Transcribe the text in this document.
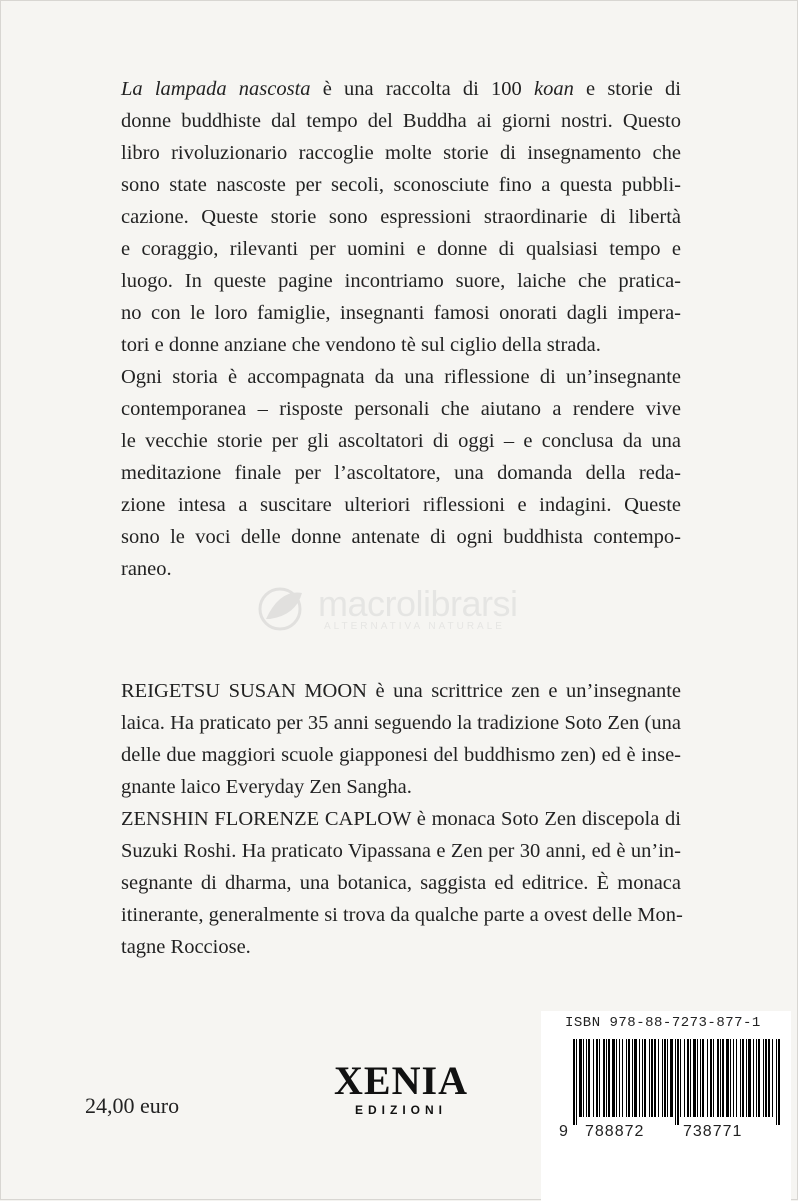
La lampada nascosta è una raccolta di 100 koan e storie di
donne buddhiste dal tempo del Buddha ai giorni nostri. Questo
libro rivoluzionario raccoglie molte storie di insegnamento che
sono state nascoste per secoli, sconosciute fino a questa pubbli-
cazione. Queste storie sono espressioni straordinarie di libertà
e coraggio, rilevanti per uomini e donne di qualsiasi tempo e
luogo. In queste pagine incontriamo suore, laiche che pratica-
no con le loro famiglie, insegnanti famosi onorati dagli impera-
tori e donne anziane che vendono tè sul ciglio della strada.
Ogni storia è accompagnata da una riflessione di un’insegnante
contemporanea – risposte personali che aiutano a rendere vive
le vecchie storie per gli ascoltatori di oggi – e conclusa da una
meditazione finale per l’ascoltatore, una domanda della reda-
zione intesa a suscitare ulteriori riflessioni e indagini. Queste
sono le voci delle donne antenate di ogni buddhista contempo-
raneo.
macrolibrarsi
ALTERNATIVA NATURALE
REIGETSU SUSAN MOON è una scrittrice zen e un’insegnante
laica. Ha praticato per 35 anni seguendo la tradizione Soto Zen (una
delle due maggiori scuole giapponesi del buddhismo zen) ed è inse-
gnante laico Everyday Zen Sangha.
ZENSHIN FLORENZE CAPLOW è monaca Soto Zen discepola di
Suzuki Roshi. Ha praticato Vipassana e Zen per 30 anni, ed è un’in-
segnante di dharma, una botanica, saggista ed editrice. È monaca
itinerante, generalmente si trova da qualche parte a ovest delle Mon-
tagne Rocciose.
24,00 euro
XENIA
EDIZIONI
ISBN 978-88-7273-877-1
9 788872 738771
